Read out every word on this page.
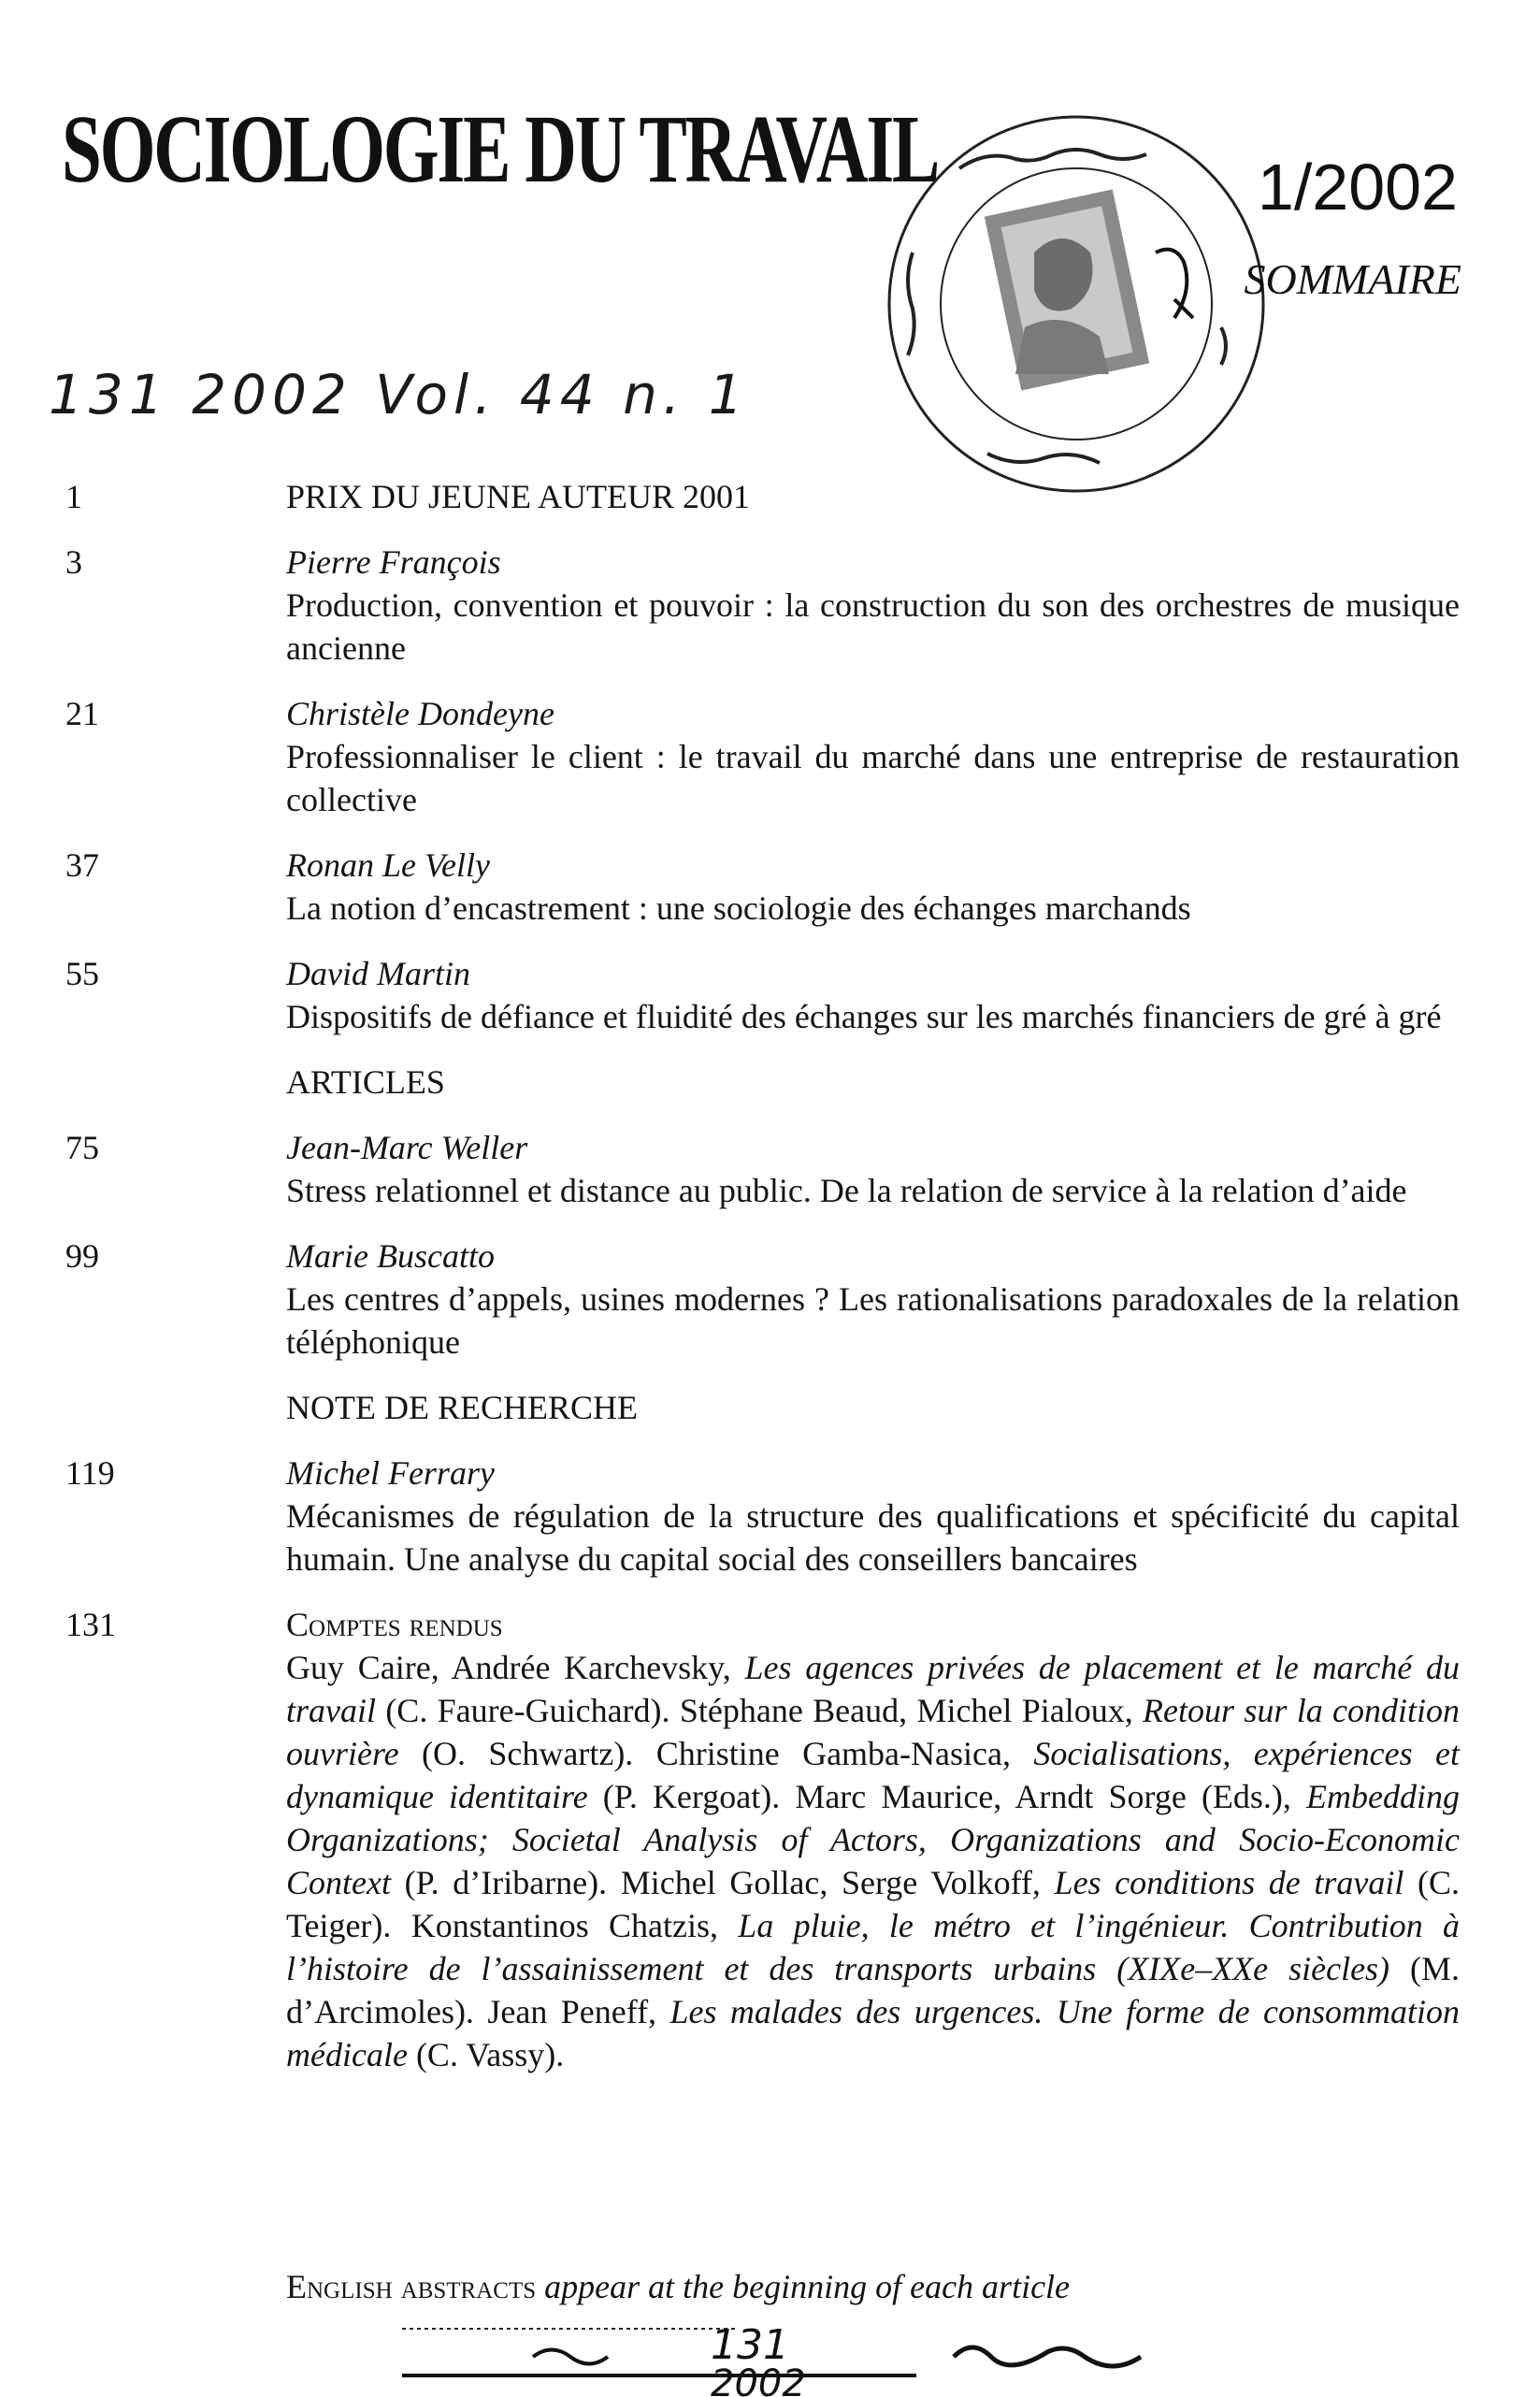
SOCIOLOGIE DU TRAVAIL	1/2002
SOMMAIRE
131 2002 Vol. 44 n. 1
1	PRIX DU JEUNE AUTEUR 2001
3	Pierre François
Production, convention et pouvoir : la construction du son des orchestres de musique ancienne
21	Christèle Dondeyne
Professionnaliser le client : le travail du marché dans une entreprise de restauration collective
37	Ronan Le Velly
La notion d’encastrement : une sociologie des échanges marchands
55	David Martin
Dispositifs de défiance et fluidité des échanges sur les marchés financiers de gré à gré
ARTICLES
75	Jean-Marc Weller
Stress relationnel et distance au public. De la relation de service à la relation d’aide
99	Marie Buscatto
Les centres d’appels, usines modernes ? Les rationalisations paradoxales de la relation téléphonique
NOTE DE RECHERCHE
119	Michel Ferrary
Mécanismes de régulation de la structure des qualifications et spécificité du capital humain. Une analyse du capital social des conseillers bancaires
131	Comptes rendus
Guy Caire, Andrée Karchevsky, Les agences privées de placement et le marché du travail (C. Faure-Guichard). Stéphane Beaud, Michel Pialoux, Retour sur la condition ouvrière (O. Schwartz). Christine Gamba-Nasica, Socialisations, expériences et dynamique identitaire (P. Kergoat). Marc Maurice, Arndt Sorge (Eds.), Embedding Organizations; Societal Analysis of Actors, Organizations and Socio-Economic Context (P. d’Iribarne). Michel Gollac, Serge Volkoff, Les conditions de travail (C. Teiger). Konstantinos Chatzis, La pluie, le métro et l’ingénieur. Contribution à l’histoire de l’assainissement et des transports urbains (XIXe–XXe siècles) (M. d’Arcimoles). Jean Peneff, Les malades des urgences. Une forme de consommation médicale (C. Vassy).
English abstracts appear at the beginning of each article
131
2002
